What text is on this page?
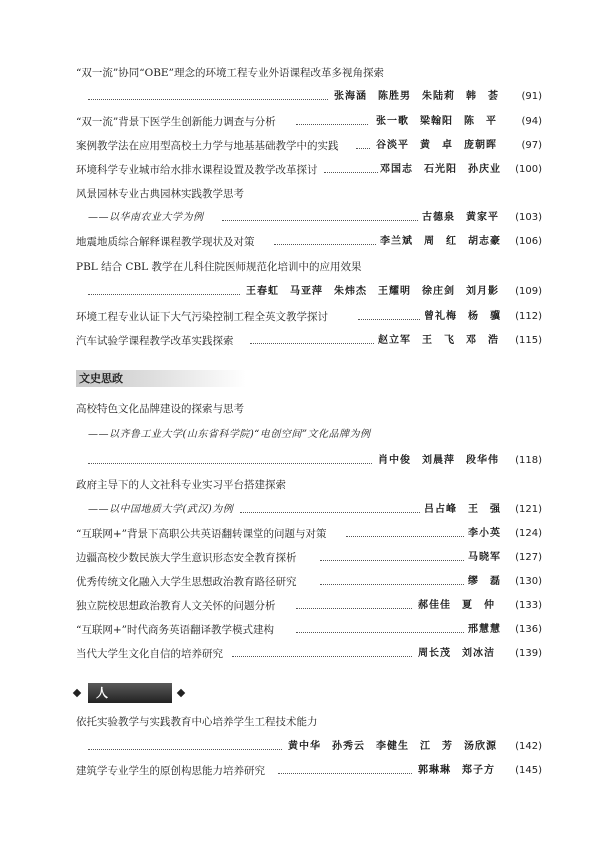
“双一流”协同“OBE”理念的环境工程专业外语课程改革多视角探索
张海涵　陈胜男　朱陆莉　韩　荟 (91)
“双一流”背景下医学生创新能力调查与分析	张一歌　梁翰阳　陈　平 (94)
案例教学法在应用型高校土力学与地基基础教学中的实践	谷淡平　黄　卓　庞朝晖 (97)
环境科学专业城市给水排水课程设置及教学改革探讨	邓国志　石光阳　孙庆业 (100)
风景园林专业古典园林实践教学思考
——以华南农业大学为例	古德泉　黄家平 (103)
地震地质综合解释课程教学现状及对策	李兰斌　周　红　胡志豪 (106)
PBL 结合 CBL 教学在儿科住院医师规范化培训中的应用效果
王春虹　马亚萍　朱炜杰　王耀明　徐庄剑　刘月影 (109)
环境工程专业认证下大气污染控制工程全英文教学探讨	曾礼梅　杨　骥 (112)
汽车试验学课程教学改革实践探索	赵立军　王　飞　邓　浩 (115)
文史思政
高校特色文化品牌建设的探索与思考
——以齐鲁工业大学(山东省科学院)“电创空间”文化品牌为例
肖中俊　刘晨萍　段华伟 (118)
政府主导下的人文社科专业实习平台搭建探索
——以中国地质大学(武汉)为例	吕占峰　王　强 (121)
“互联网+”背景下高职公共英语翻转课堂的问题与对策	李小英 (124)
边疆高校少数民族大学生意识形态安全教育探析	马晓军 (127)
优秀传统文化融入大学生思想政治教育路径研究	缪　磊 (130)
独立院校思想政治教育人文关怀的问题分析	郝佳佳　夏　仲 (133)
“互联网+”时代商务英语翻译教学模式建构	邢慧慧 (136)
当代大学生文化自信的培养研究	周长茂　刘冰洁 (139)
人才培养
依托实验教学与实践教育中心培养学生工程技术能力
黄中华　孙秀云　李健生　江　芳　汤欣源 (142)
建筑学专业学生的原创构思能力培养研究	郭琳琳　郑子方 (145)
